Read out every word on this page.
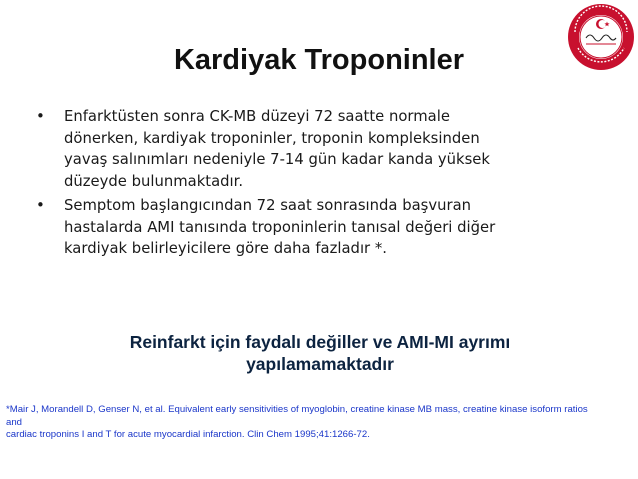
Kardiyak Troponinler
• Enfarktüsten sonra CK-MB düzeyi 72 saatte normale
dönerken, kardiyak troponinler, troponin kompleksinden
yavaş salınımları nedeniyle 7-14 gün kadar kanda yüksek
düzeyde bulunmaktadır.
• Semptom başlangıcından 72 saat sonrasında başvuran
hastalarda AMI tanısında troponinlerin tanısal değeri diğer
kardiyak belirleyicilere göre daha fazladır *.
Reinfarkt için faydalı değiller ve AMI-MI ayrımı
yapılamamaktadır
*Mair J, Morandell D, Genser N, et al. Equivalent early sensitivities of myoglobin, creatine kinase MB mass, creatine kinase isoform ratios
and
cardiac troponins I and T for acute myocardial infarction. Clin Chem 1995;41:1266-72.
